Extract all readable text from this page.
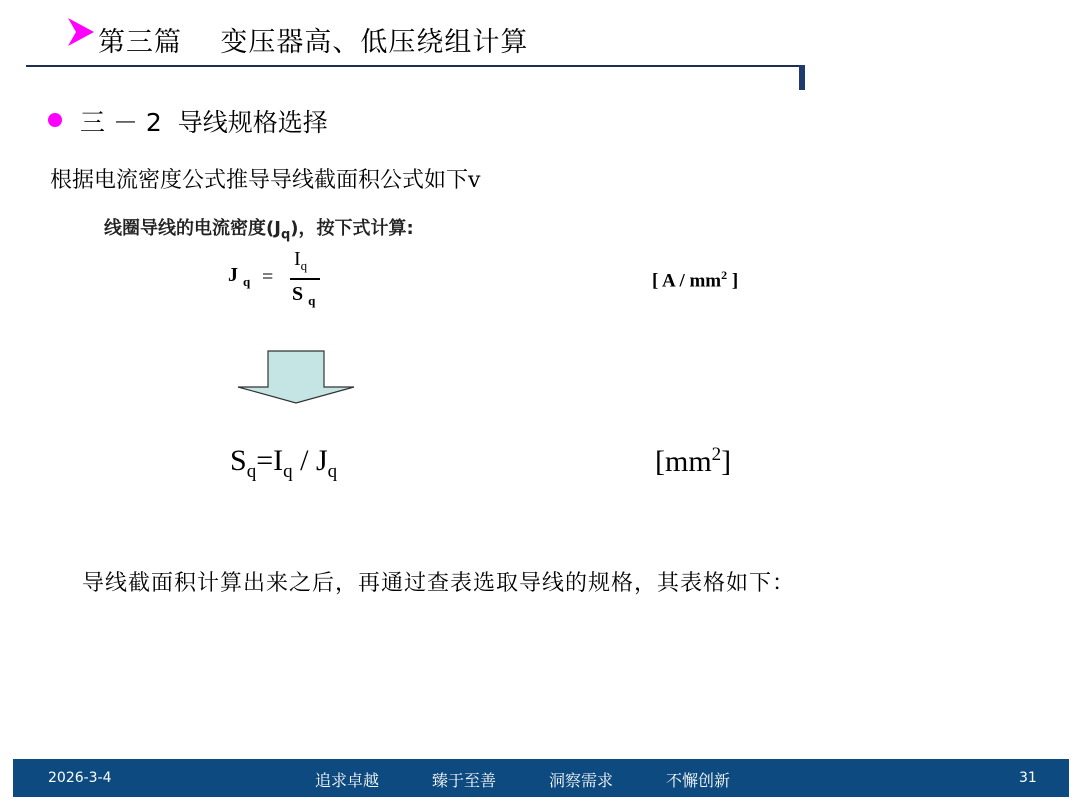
第三篇 变压器高、低压绕组计算
三 － 2 导线规格选择
根据电流密度公式推导导线截面积公式如下v
线圈导线的电流密度$(J_q)$，按下式计算:
J $_q$ =
$I_q$
S $_q$
[ A / $mm^2$ ]
$S_q=I_q / J_q$	$[mm^2]$
导线截面积计算出来之后，再通过查表选取导线的规格，其表格如下：
2026-3-4	追求卓越	臻于至善	洞察需求	不懈创新	31
